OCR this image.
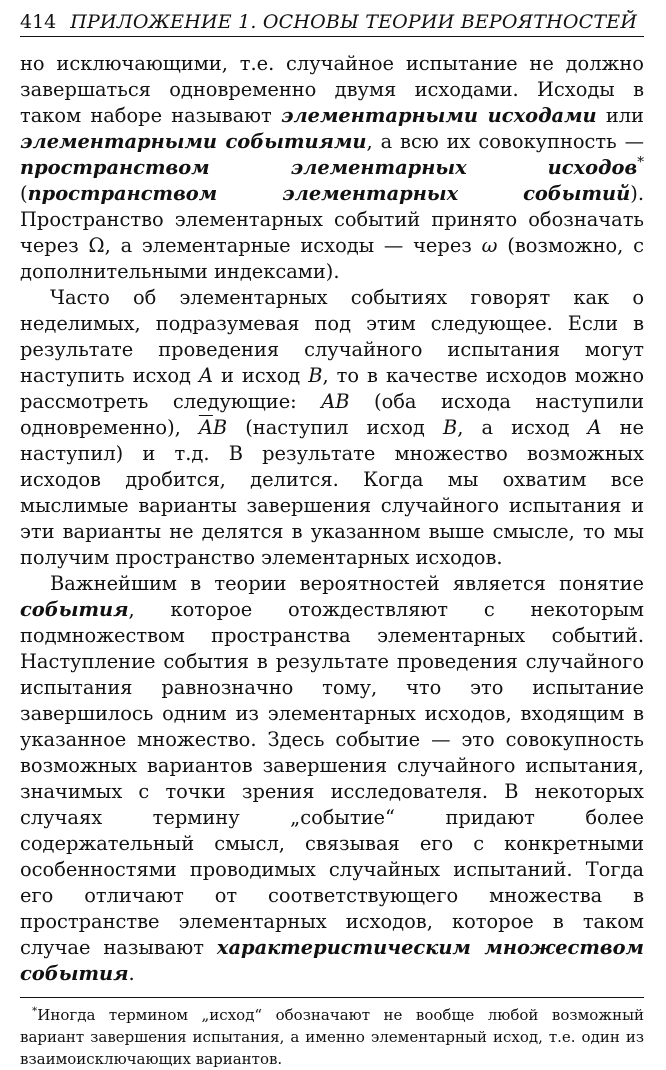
414 ПРИЛОЖЕНИЕ 1. ОСНОВЫ ТЕОРИИ ВЕРОЯТНОСТЕЙ

но исключающими, т.е. случайное испытание не должно завершаться одновременно двумя исходами. Исходы в таком наборе называют элементарными исходами или элементарными событиями, а всю их совокупность — пространством элементарных исходов* (пространством элементарных событий). Пространство элементарных событий принято обозначать через Ω, а элементарные исходы — через ω (возможно, с дополнительными индексами).

Часто об элементарных событиях говорят как о неделимых, подразумевая под этим следующее. Если в результате проведения случайного испытания могут наступить исход A и исход B, то в качестве исходов можно рассмотреть следующие: AB (оба исхода наступили одновременно), $\overline{A}B$ (наступил исход B, а исход A не наступил) и т.д. В результате множество возможных исходов дробится, делится. Когда мы охватим все мыслимые варианты завершения случайного испытания и эти варианты не делятся в указанном выше смысле, то мы получим пространство элементарных исходов.

Важнейшим в теории вероятностей является понятие события, которое отождествляют с некоторым подмножеством пространства элементарных событий. Наступление события в результате проведения случайного испытания равнозначно тому, что это испытание завершилось одним из элементарных исходов, входящим в указанное множество. Здесь событие — это совокупность возможных вариантов завершения случайного испытания, значимых с точки зрения исследователя. В некоторых случаях термину „событие“ придают более содержательный смысл, связывая его с конкретными особенностями проводимых случайных испытаний. Тогда его отличают от соответствующего множества в пространстве элементарных исходов, которое в таком случае называют характеристическим множеством события.

*Иногда термином „исход“ обозначают не вообще любой возможный вариант завершения испытания, а именно элементарный исход, т.е. один из взаимоисключающих вариантов.
